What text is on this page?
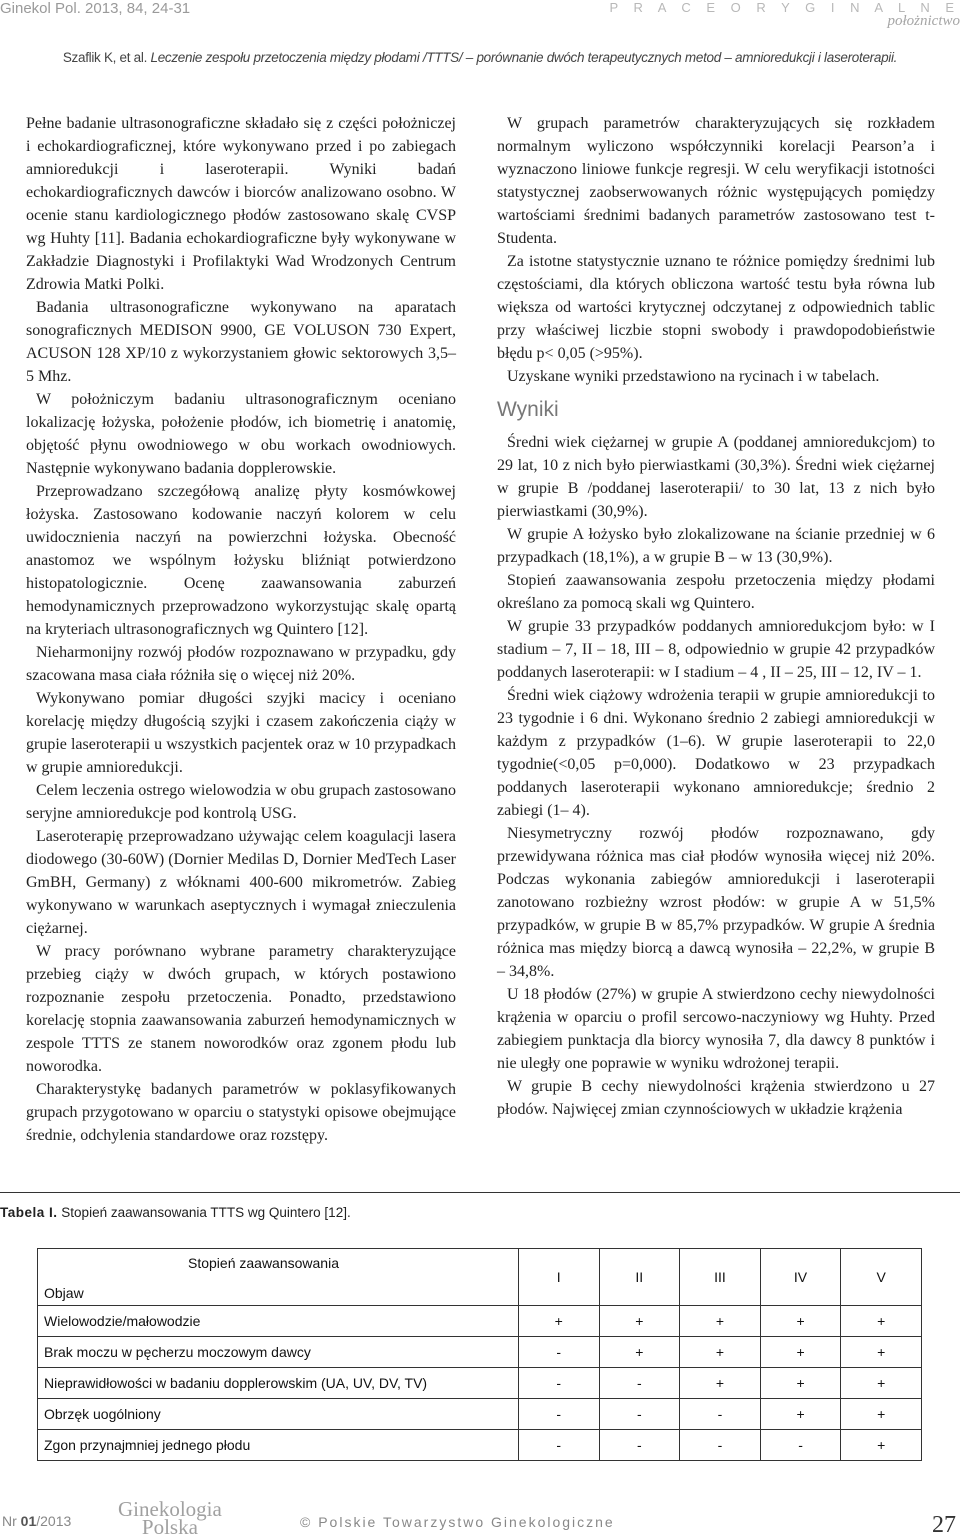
Ginekol Pol. 2013, 84, 24-31	P R A C E O R Y G I N A L N E
położnictwo
Szaflik K, et al. Leczenie zespołu przetoczenia między płodami /TTTS/ – porównanie dwóch terapeutycznych metod – amnioredukcji i laseroterapii.

Pełne badanie ultrasonograficzne składało się z części położniczej i echokardiograficznej, które wykonywano przed i po zabiegach amnioredukcji i laseroterapii. Wyniki badań echokardiograficznych dawców i biorców analizowano osobno. W ocenie stanu kardiologicznego płodów zastosowano skalę CVSP wg Huhty [11]. Badania echokardiograficzne były wykonywane w Zakładzie Diagnostyki i Profilaktyki Wad Wrodzonych Centrum Zdrowia Matki Polki.

Badania ultrasonograficzne wykonywano na aparatach sonograficznych MEDISON 9900, GE VOLUSON 730 Expert, ACUSON 128 XP/10 z wykorzystaniem głowic sektorowych 3,5–5 Mhz.

W położniczym badaniu ultrasonograficznym oceniano lokalizację łożyska, położenie płodów, ich biometrię i anatomię, objętość płynu owodniowego w obu workach owodniowych. Następnie wykonywano badania dopplerowskie.

Przeprowadzano szczegółową analizę płyty kosmówkowej łożyska. Zastosowano kodowanie naczyń kolorem w celu uwidocznienia naczyń na powierzchni łożyska. Obecność anastomoz we wspólnym łożysku bliźniąt potwierdzono histopatologicznie. Ocenę zaawansowania zaburzeń hemodynamicznych przeprowadzono wykorzystując skalę opartą na kryteriach ultrasonograficznych wg Quintero [12].

Nieharmonijny rozwój płodów rozpoznawano w przypadku, gdy szacowana masa ciała różniła się o więcej niż 20%.

Wykonywano pomiar długości szyjki macicy i oceniano korelację między długością szyjki i czasem zakończenia ciąży w grupie laseroterapii u wszystkich pacjentek oraz w 10 przypadkach w grupie amnioredukcji.

Celem leczenia ostrego wielowodzia w obu grupach zastosowano seryjne amnioredukcje pod kontrolą USG.

Laseroterapię przeprowadzano używając celem koagulacji lasera diodowego (30-60W) (Dornier Medilas D, Dornier MedTech Laser GmBH, Germany) z włóknami 400-600 mikrometrów. Zabieg wykonywano w warunkach aseptycznych i wymagał znieczulenia ciężarnej.

W pracy porównano wybrane parametry charakteryzujące przebieg ciąży w dwóch grupach, w których postawiono rozpoznanie zespołu przetoczenia. Ponadto, przedstawiono korelację stopnia zaawansowania zaburzeń hemodynamicznych w zespole TTTS ze stanem noworodków oraz zgonem płodu lub noworodka.

Charakterystykę badanych parametrów w poklasyfikowanych grupach przygotowano w oparciu o statystyki opisowe obejmujące średnie, odchylenia standardowe oraz rozstępy.

W grupach parametrów charakteryzujących się rozkładem normalnym wyliczono współczynniki korelacji Pearson’a i wyznaczono liniowe funkcje regresji. W celu weryfikacji istotności statystycznej zaobserwowanych różnic występujących pomiędzy wartościami średnimi badanych parametrów zastosowano test t-Studenta.

Za istotne statystycznie uznano te różnice pomiędzy średnimi lub częstościami, dla których obliczona wartość testu była równa lub większa od wartości krytycznej odczytanej z odpowiednich tablic przy właściwej liczbie stopni swobody i prawdopodobieństwie błędu p< 0,05 (>95%).

Uzyskane wyniki przedstawiono na rycinach i w tabelach.

Wyniki

Średni wiek ciężarnej w grupie A (poddanej amnioredukcjom) to 29 lat, 10 z nich było pierwiastkami (30,3%). Średni wiek ciężarnej w grupie B /poddanej laseroterapii/ to 30 lat, 13 z nich było pierwiastkami (30,9%).

W grupie A łożysko było zlokalizowane na ścianie przedniej w 6 przypadkach (18,1%), a w grupie B – w 13 (30,9%).

Stopień zaawansowania zespołu przetoczenia między płodami określano za pomocą skali wg Quintero.

W grupie 33 przypadków poddanych amnioredukcjom było: w I stadium – 7, II – 18, III – 8, odpowiednio w grupie 42 przypadków poddanych laseroterapii: w I stadium – 4 , II – 25, III – 12, IV – 1.

Średni wiek ciążowy wdrożenia terapii w grupie amnioredukcji to 23 tygodnie i 6 dni. Wykonano średnio 2 zabiegi amnioredukcji w każdym z przypadków (1–6). W grupie laseroterapii to 22,0 tygodnie(<0,05 p=0,000). Dodatkowo w 23 przypadkach poddanych laseroterapii wykonano amnioredukcje; średnio 2 zabiegi (1– 4).

Niesymetryczny rozwój płodów rozpoznawano, gdy przewidywana różnica mas ciał płodów wynosiła więcej niż 20%. Podczas wykonania zabiegów amnioredukcji i laseroterapii zanotowano rozbieżny wzrost płodów: w grupie A w 51,5% przypadków, w grupie B w 85,7% przypadków. W grupie A średnia różnica mas między biorcą a dawcą wynosiła – 22,2%, w grupie B – 34,8%.

U 18 płodów (27%) w grupie A stwierdzono cechy niewydolności krążenia w oparciu o profil sercowo-naczyniowy wg Huhty. Przed zabiegiem punktacja dla biorcy wynosiła 7, dla dawcy 8 punktów i nie uległy one poprawie w wyniku wdrożonej terapii.

W grupie B cechy niewydolności krążenia stwierdzono u 27 płodów. Najwięcej zmian czynnościowych w układzie krążenia

Tabela I. Stopień zaawansowania TTTS wg Quintero [12].
Stopień zaawansowania
Objaw	I	II	III	IV	V
Wielowodzie/małowodzie	+	+	+	+	+
Brak moczu w pęcherzu moczowym dawcy	-	+	+	+	+
Nieprawidłowości w badaniu dopplerowskim (UA, UV, DV, TV)	-	-	+	+	+
Obrzęk uogólniony	-	-	-	+	+
Zgon przynajmniej jednego płodu	-	-	-	-	+
Nr 01/2013 Ginekologia
Polska	© Polskie Towarzystwo Ginekologiczne	27
